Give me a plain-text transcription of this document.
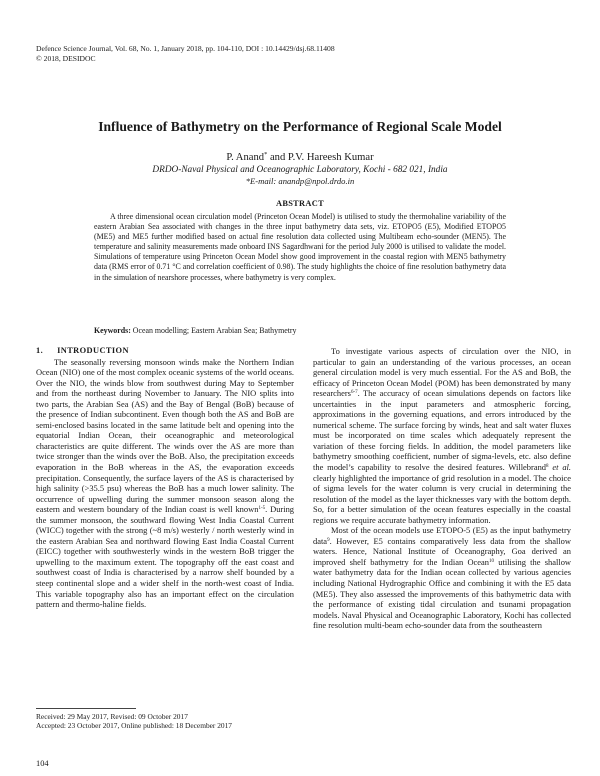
Defence Science Journal, Vol. 68, No. 1, January 2018, pp. 104-110, DOI : 10.14429/dsj.68.11408
© 2018, DESIDOC
Influence of Bathymetry on the Performance of Regional Scale Model
P. Anand* and P.V. Hareesh Kumar
DRDO-Naval Physical and Oceanographic Laboratory, Kochi - 682 021, India
*E-mail: anandp@npol.drdo.in
ABSTRACT
A three dimensional ocean circulation model (Princeton Ocean Model) is utilised to study the thermohaline variability of the eastern Arabian Sea associated with changes in the three input bathymetry data sets, viz. ETOPO5 (E5), Modified ETOPO5 (ME5) and ME5 further modified based on actual fine resolution data collected using Multibeam echo-sounder (MEN5). The temperature and salinity measurements made onboard INS Sagardhwani for the period July 2000 is utilised to validate the model. Simulations of temperature using Princeton Ocean Model show good improvement in the coastal region with MEN5 bathymetry data (RMS error of 0.71 °C and correlation coefficient of 0.98). The study highlights the choice of fine resolution bathymetry data in the simulation of nearshore processes, where bathymetry is very complex.
Keywords: Ocean modelling; Eastern Arabian Sea; Bathymetry
1. INTRODUCTION

The seasonally reversing monsoon winds make the Northern Indian Ocean (NIO) one of the most complex oceanic systems of the world oceans. Over the NIO, the winds blow from southwest during May to September and from the northeast during November to January. The NIO splits into two parts, the Arabian Sea (AS) and the Bay of Bengal (BoB) because of the presence of Indian subcontinent. Even though both the AS and BoB are semi-enclosed basins located in the same latitude belt and opening into the equatorial Indian Ocean, their oceanographic and meteorological characteristics are quite different. The winds over the AS are more than twice stronger than the winds over the BoB. Also, the precipitation exceeds evaporation in the BoB whereas in the AS, the evaporation exceeds precipitation. Consequently, the surface layers of the AS is characterised by high salinity (>35.5 psu) whereas the BoB has a much lower salinity. The occurrence of upwelling during the summer monsoon season along the eastern and western boundary of the Indian coast is well known$^{1-5}$. During the summer monsoon, the southward flowing West India Coastal Current (WICC) together with the strong (~8 m/s) westerly / north westerly wind in the eastern Arabian Sea and northward flowing East India Coastal Current (EICC) together with southwesterly winds in the western BoB trigger the upwelling to the maximum extent. The topography off the east coast and southwest coast of India is characterised by a narrow shelf bounded by a steep continental slope and a wider shelf in the north-west coast of India. This variable topography also has an important effect on the circulation pattern and thermo-haline fields.

To investigate various aspects of circulation over the NIO, in particular to gain an understanding of the various processes, an ocean general circulation model is very much essential. For the AS and BoB, the efficacy of Princeton Ocean Model (POM) has been demonstrated by many researchers$^{6-7}$. The accuracy of ocean simulations depends on factors like uncertainties in the input parameters and atmospheric forcing, approximations in the governing equations, and errors introduced by the numerical scheme. The surface forcing by winds, heat and salt water fluxes must be incorporated on time scales which adequately represent the variation of these forcing fields. In addition, the model parameters like bathymetry smoothing coefficient, number of sigma-levels, etc. also define the model’s capability to resolve the desired features. Willebrand$^8$ et al. clearly highlighted the importance of grid resolution in a model. The choice of sigma levels for the water column is very crucial in determining the resolution of the model as the layer thicknesses vary with the bottom depth. So, for a better simulation of the ocean features especially in the coastal regions we require accurate bathymetry information.

Most of the ocean models use ETOPO-5 (E5) as the input bathymetry data$^9$. However, E5 contains comparatively less data from the shallow waters. Hence, National Institute of Oceanography, Goa derived an improved shelf bathymetry for the Indian Ocean$^{10}$ utilising the shallow water bathymetry data for the Indian ocean collected by various agencies including National Hydrographic Office and combining it with the E5 data (ME5). They also assessed the improvements of this bathymetric data with the performance of existing tidal circulation and tsunami propagation models. Naval Physical and Oceanographic Laboratory, Kochi has collected fine resolution multi-beam echo-sounder data from the southeastern

Received: 29 May 2017, Revised: 09 October 2017
Accepted: 23 October 2017, Online published: 18 December 2017
104
